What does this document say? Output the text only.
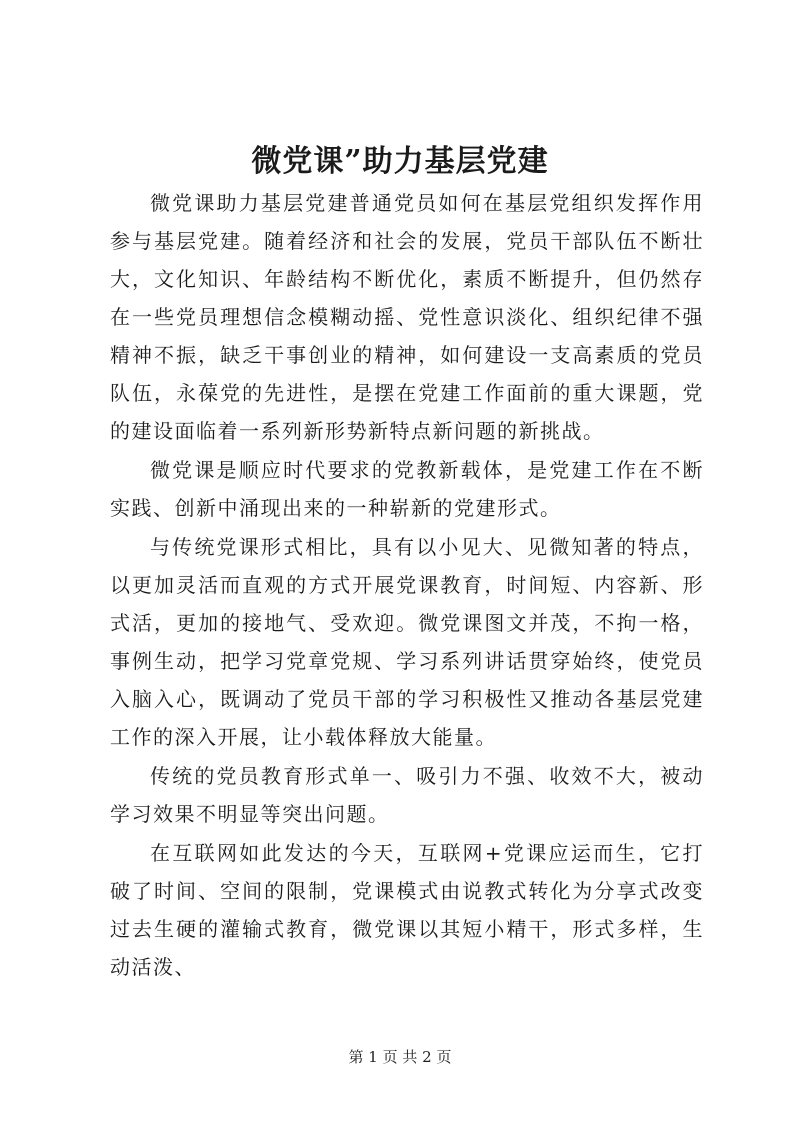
微党课”助力基层党建

微党课助力基层党建普通党员如何在基层党组织发挥作用参与基层党建。随着经济和社会的发展，党员干部队伍不断壮大，文化知识、年龄结构不断优化，素质不断提升，但仍然存在一些党员理想信念模糊动摇、党性意识淡化、组织纪律不强精神不振，缺乏干事创业的精神，如何建设一支高素质的党员队伍，永葆党的先进性，是摆在党建工作面前的重大课题，党的建设面临着一系列新形势新特点新问题的新挑战。

微党课是顺应时代要求的党教新载体，是党建工作在不断实践、创新中涌现出来的一种崭新的党建形式。

与传统党课形式相比，具有以小见大、见微知著的特点，以更加灵活而直观的方式开展党课教育，时间短、内容新、形式活，更加的接地气、受欢迎。微党课图文并茂，不拘一格，事例生动，把学习党章党规、学习系列讲话贯穿始终，使党员入脑入心，既调动了党员干部的学习积极性又推动各基层党建工作的深入开展，让小载体释放大能量。

传统的党员教育形式单一、吸引力不强、收效不大，被动学习效果不明显等突出问题。

在互联网如此发达的今天，互联网+党课应运而生，它打破了时间、空间的限制，党课模式由说教式转化为分享式改变过去生硬的灌输式教育，微党课以其短小精干，形式多样，生动活泼、

第 1 页 共 2 页
